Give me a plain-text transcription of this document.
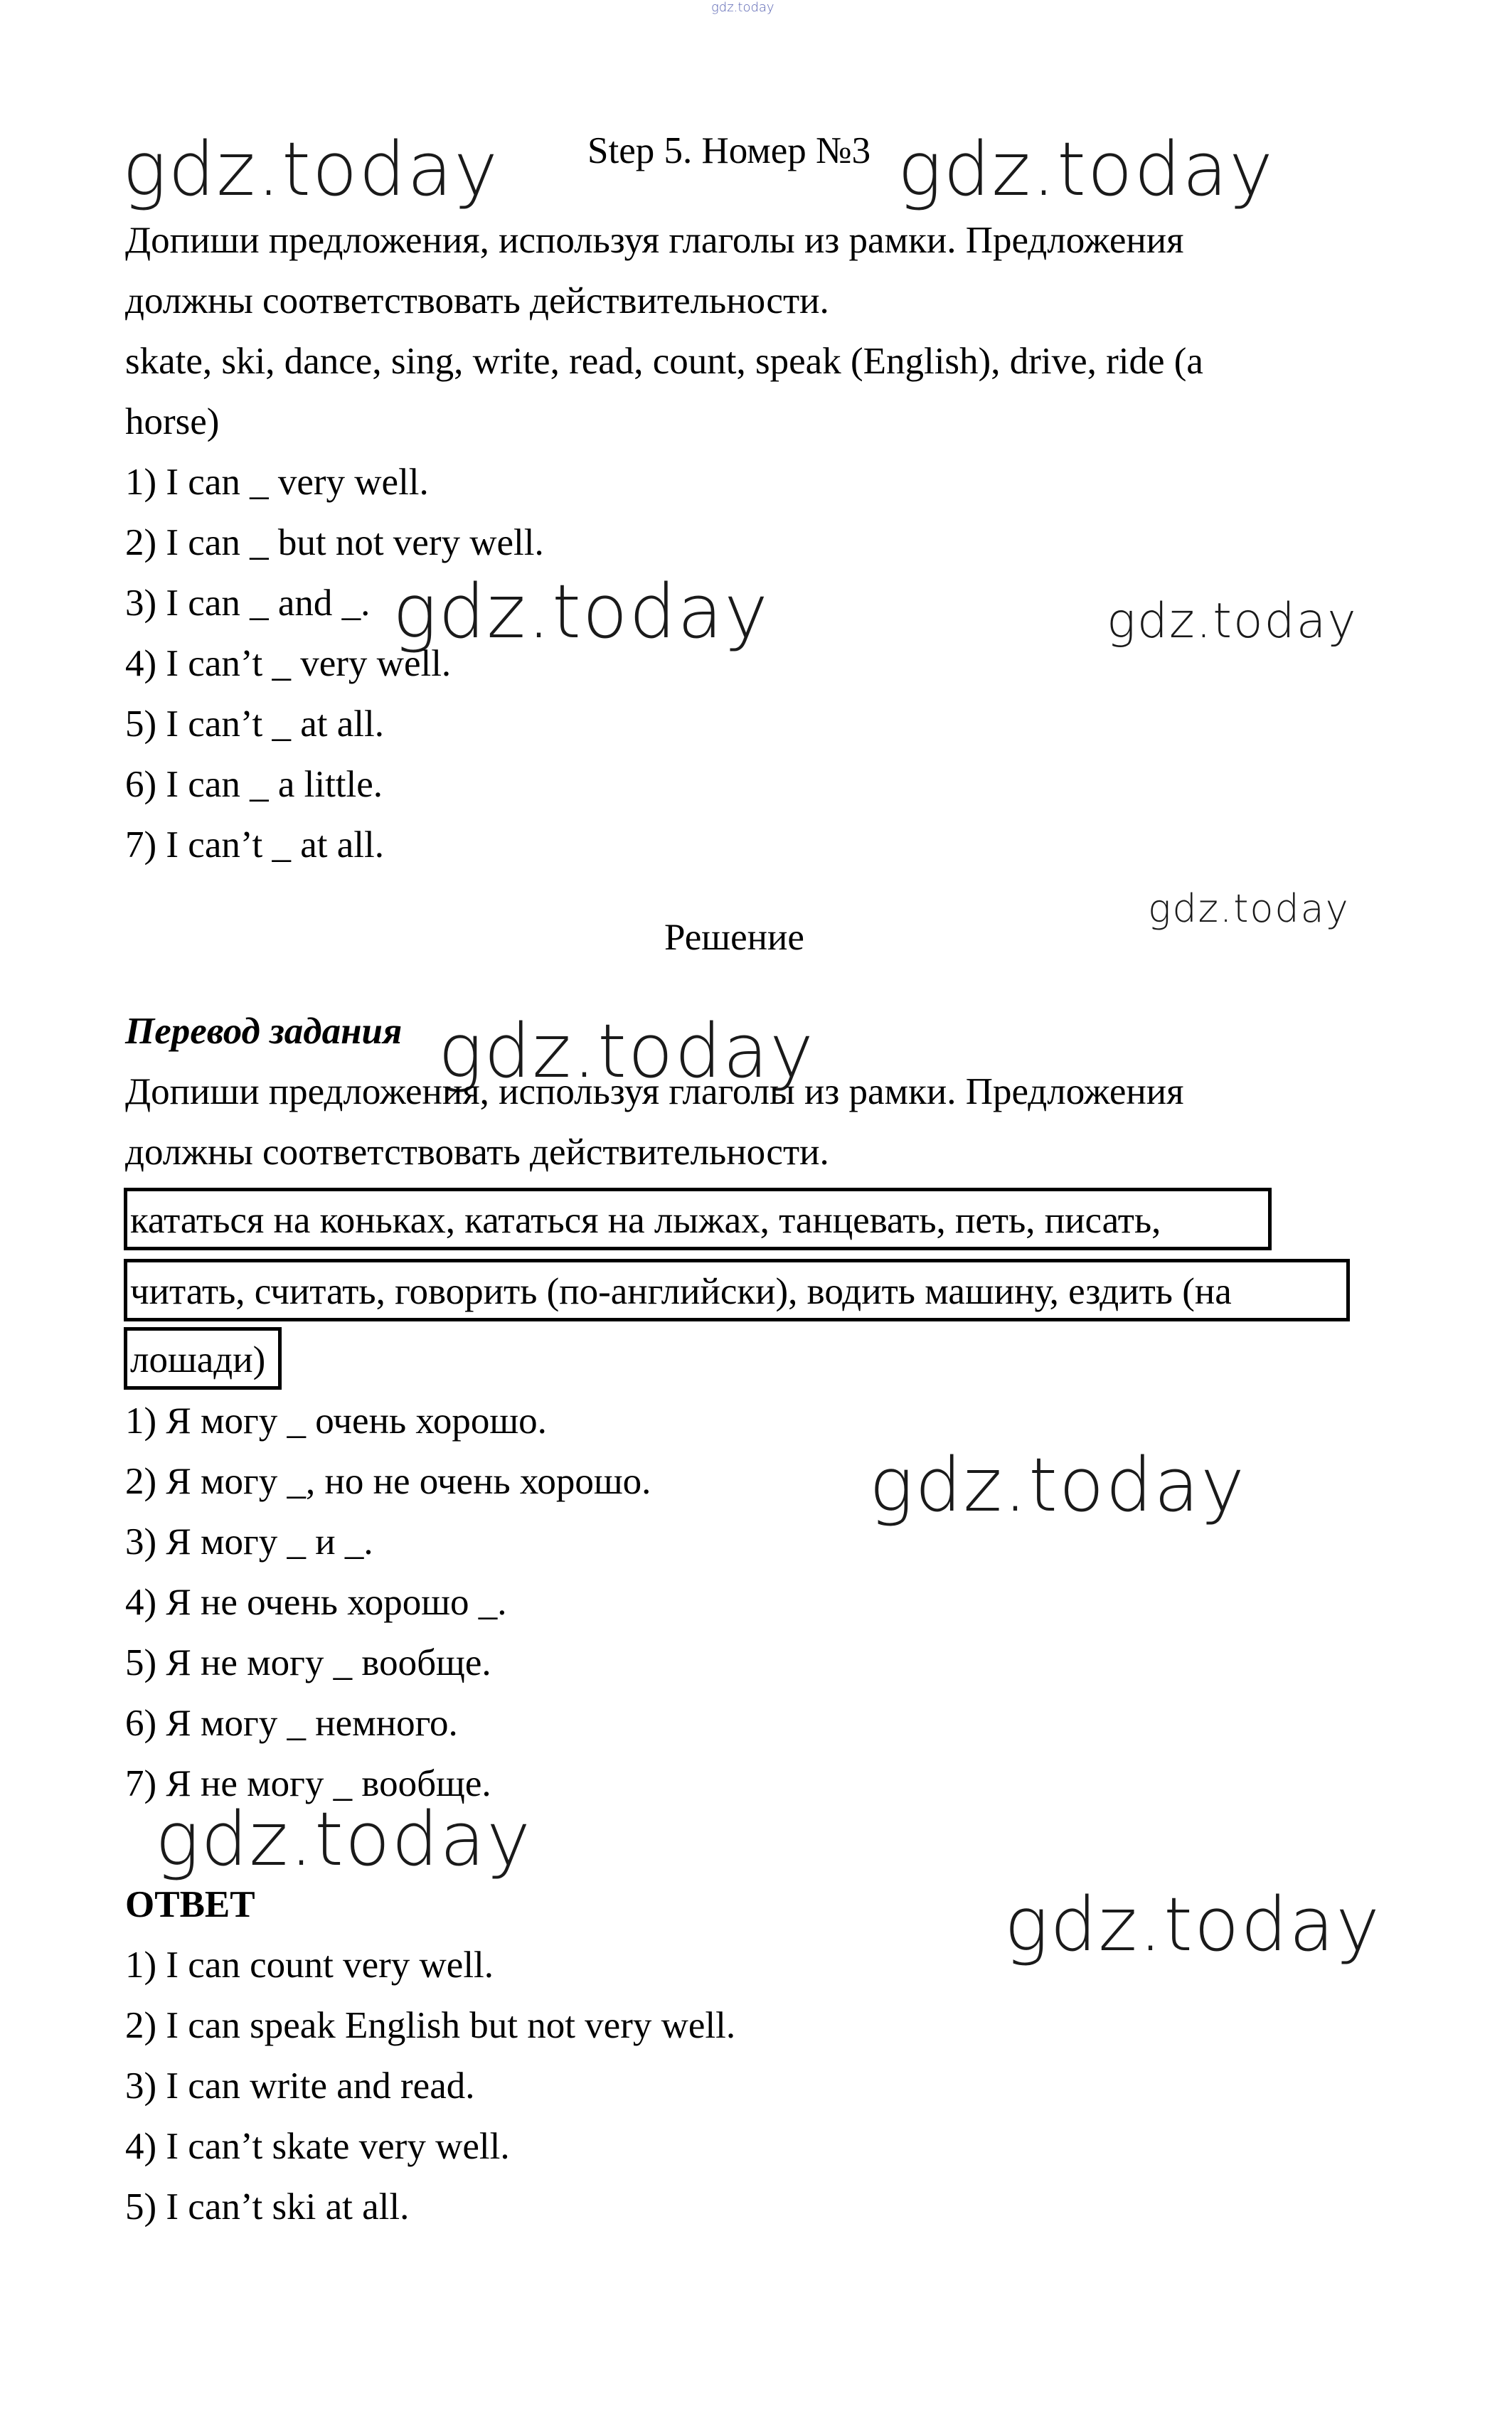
gdz.today
gdz.today	gdz.today
gdz.today	gdz.today
gdz.today
gdz.today
gdz.today
gdz.today
gdz.today
Step 5. Номер №3
Допиши предложения, используя глаголы из рамки. Предложения
должны соответствовать действительности.
skate, ski, dance, sing, write, read, count, speak (English), drive, ride (a
horse)
1) I can _ very well.
2) I can _ but not very well.
3) I can _ and _.
4) I can’t _ very well.
5) I can’t _ at all.
6) I can _ a little.
7) I can’t _ at all.
Решение
Перевод задания
Допиши предложения, используя глаголы из рамки. Предложения
должны соответствовать действительности.
кататься на коньках, кататься на лыжах, танцевать, петь, писать,
читать, считать, говорить (по-английски), водить машину, ездить (на
лошади)
1) Я могу _ очень хорошо.
2) Я могу _, но не очень хорошо.
3) Я могу _ и _.
4) Я не очень хорошо _.
5) Я не могу _ вообще.
6) Я могу _ немного.
7) Я не могу _ вообще.
ОТВЕТ
1) I can count very well.
2) I can speak English but not very well.
3) I can write and read.
4) I can’t skate very well.
5) I can’t ski at all.
